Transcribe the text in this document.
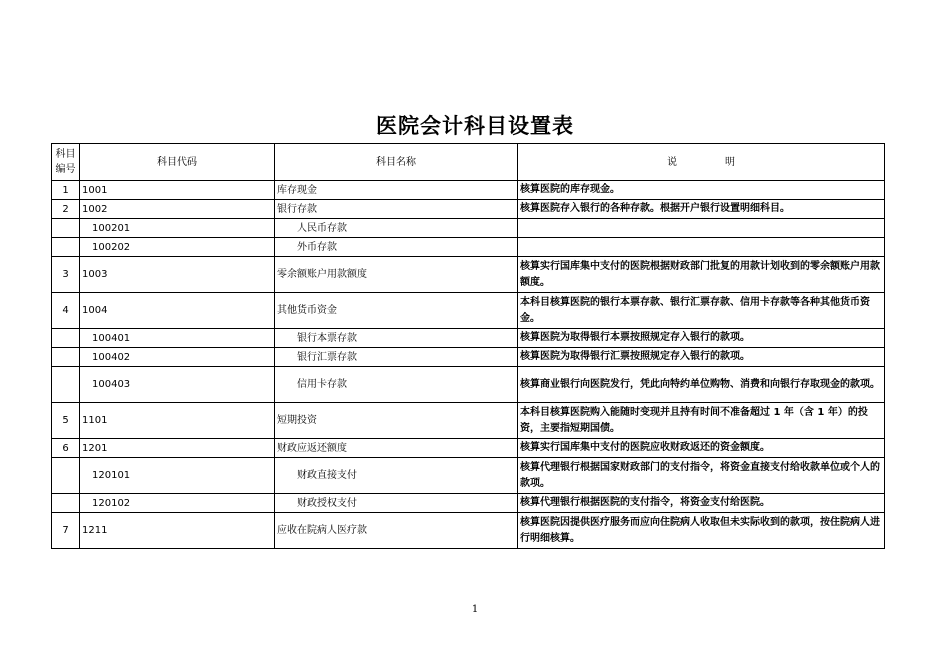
医院会计科目设置表
科目
编号	科目代码	科目名称	说 明
1	1001	库存现金	核算医院的库存现金。
2	1002	银行存款	核算医院存入银行的各种存款。根据开户银行设置明细科目。
	100201	人民币存款	
	100202	外币存款	
3	1003	零余额账户用款额度	核算实行国库集中支付的医院根据财政部门批复的用款计划收到的零余额账户用款额度。
4	1004	其他货币资金	本科目核算医院的银行本票存款、银行汇票存款、信用卡存款等各种其他货币资金。
	100401	银行本票存款	核算医院为取得银行本票按照规定存入银行的款项。
	100402	银行汇票存款	核算医院为取得银行汇票按照规定存入银行的款项。
	100403	信用卡存款	核算商业银行向医院发行，凭此向特约单位购物、消费和向银行存取现金的款项。
5	1101	短期投资	本科目核算医院购入能随时变现并且持有时间不准备超过 1 年（含 1 年）的投资，主要指短期国债。
6	1201	财政应返还额度	核算实行国库集中支付的医院应收财政返还的资金额度。
	120101	财政直接支付	核算代理银行根据国家财政部门的支付指令，将资金直接支付给收款单位或个人的款项。
	120102	财政授权支付	核算代理银行根据医院的支付指令，将资金支付给医院。
7	1211	应收在院病人医疗款	核算医院因提供医疗服务而应向住院病人收取但未实际收到的款项，按住院病人进行明细核算。
1
